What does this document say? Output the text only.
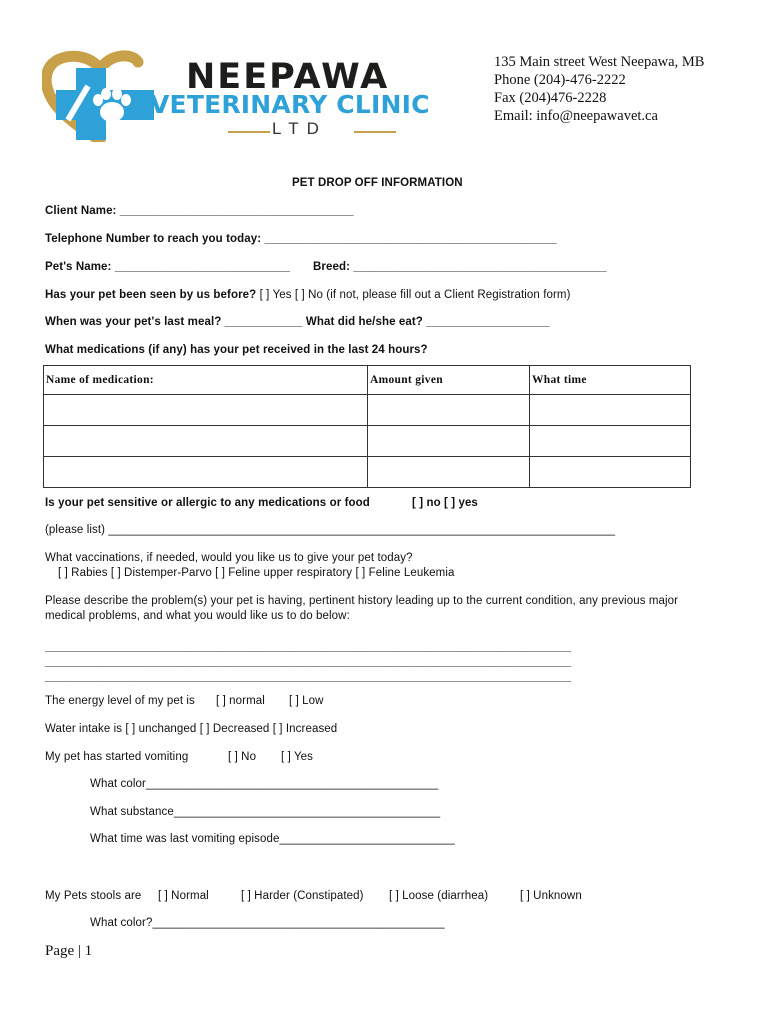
NEEPAWA
VETERINARY CLINIC
LTD
135 Main street West Neepawa, MB
Phone (204)-476-2222
Fax (204)476-2228
Email: info@neepawavet.ca
PET DROP OFF INFORMATION
Client Name: ____________________________________
Telephone Number to reach you today: _____________________________________________
Pet's Name: ___________________________ Breed: _______________________________________
Has your pet been seen by us before? [ ] Yes [ ] No (if not, please fill out a Client Registration form)
When was your pet's last meal? ____________ What did he/she eat? ___________________
What medications (if any) has your pet received in the last 24 hours?
Name of medication:	Amount given	What time

Is your pet sensitive or allergic to any medications or food	[ ] no [ ] yes
(please list) ______________________________________________________________________________
What vaccinations, if needed, would you like us to give your pet today?
[ ] Rabies [ ] Distemper-Parvo [ ] Feline upper respiratory [ ] Feline Leukemia
Please describe the problem(s) your pet is having, pertinent history leading up to the current condition, any previous major
medical problems, and what you would like us to do below:
_________________________________________________________________________________
_________________________________________________________________________________
_________________________________________________________________________________
The energy level of my pet is [ ] normal [ ] Low
Water intake is [ ] unchanged [ ] Decreased [ ] Increased
My pet has started vomiting	[ ] No [ ] Yes
What color_____________________________________________
What substance_________________________________________
What time was last vomiting episode___________________________
My Pets stools are [ ] Normal	[ ] Harder (Constipated) [ ] Loose (diarrhea)	[ ] Unknown
What color?_____________________________________________
Page | 1
